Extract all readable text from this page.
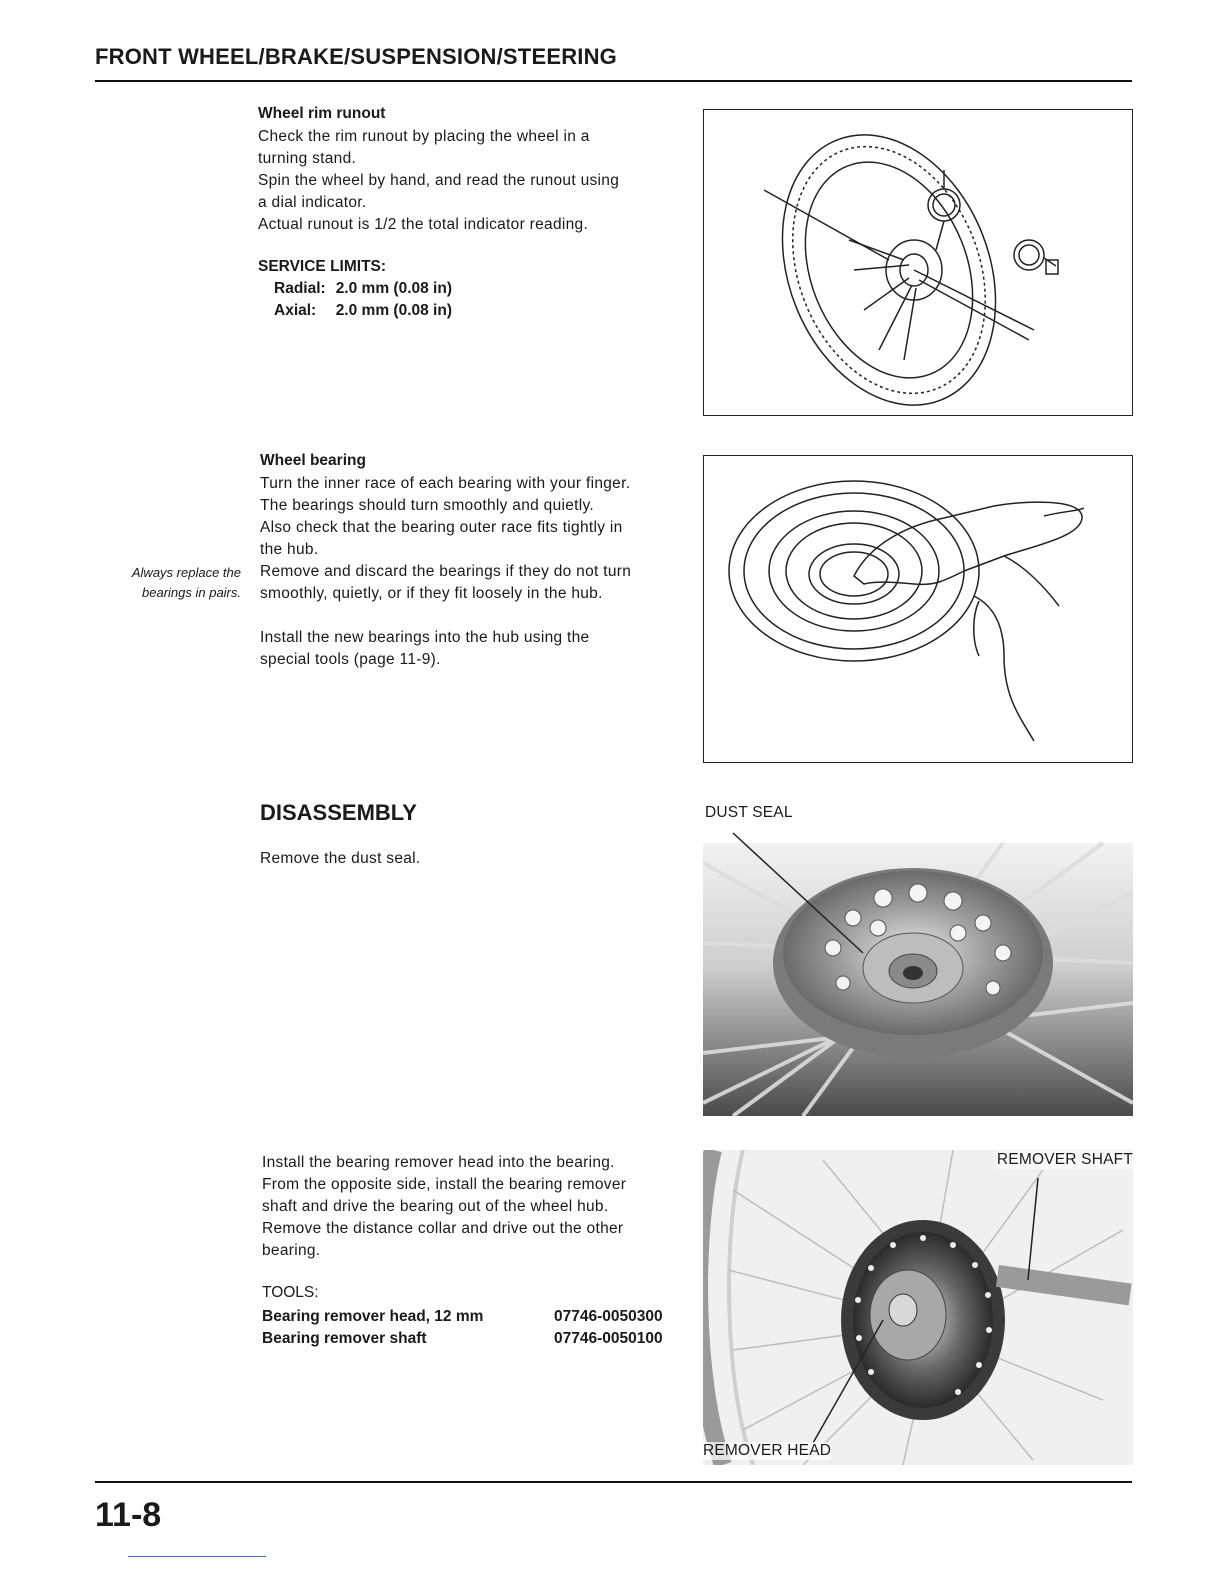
FRONT WHEEL/BRAKE/SUSPENSION/STEERING
Wheel rim runout
Check the rim runout by placing the wheel in a
turning stand.
Spin the wheel by hand, and read the runout using
a dial indicator.
Actual runout is 1/2 the total indicator reading.
SERVICE LIMITS:
Radial:	2.0 mm (0.08 in)
Axial:	2.0 mm (0.08 in)
Wheel bearing
Turn the inner race of each bearing with your finger.
The bearings should turn smoothly and quietly.
Also check that the bearing outer race fits tightly in
the hub.
Remove and discard the bearings if they do not turn
smoothly, quietly, or if they fit loosely in the hub.
Always replace the
bearings in pairs.
Install the new bearings into the hub using the
special tools (page 11-9).
DISASSEMBLY
Remove the dust seal.
DUST SEAL
Install the bearing remover head into the bearing.
From the opposite side, install the bearing remover
shaft and drive the bearing out of the wheel hub.
Remove the distance collar and drive out the other
bearing.
TOOLS:
Bearing remover head, 12 mm	07746-0050300
Bearing remover shaft	07746-0050100
REMOVER SHAFT
REMOVER HEAD
11-8
